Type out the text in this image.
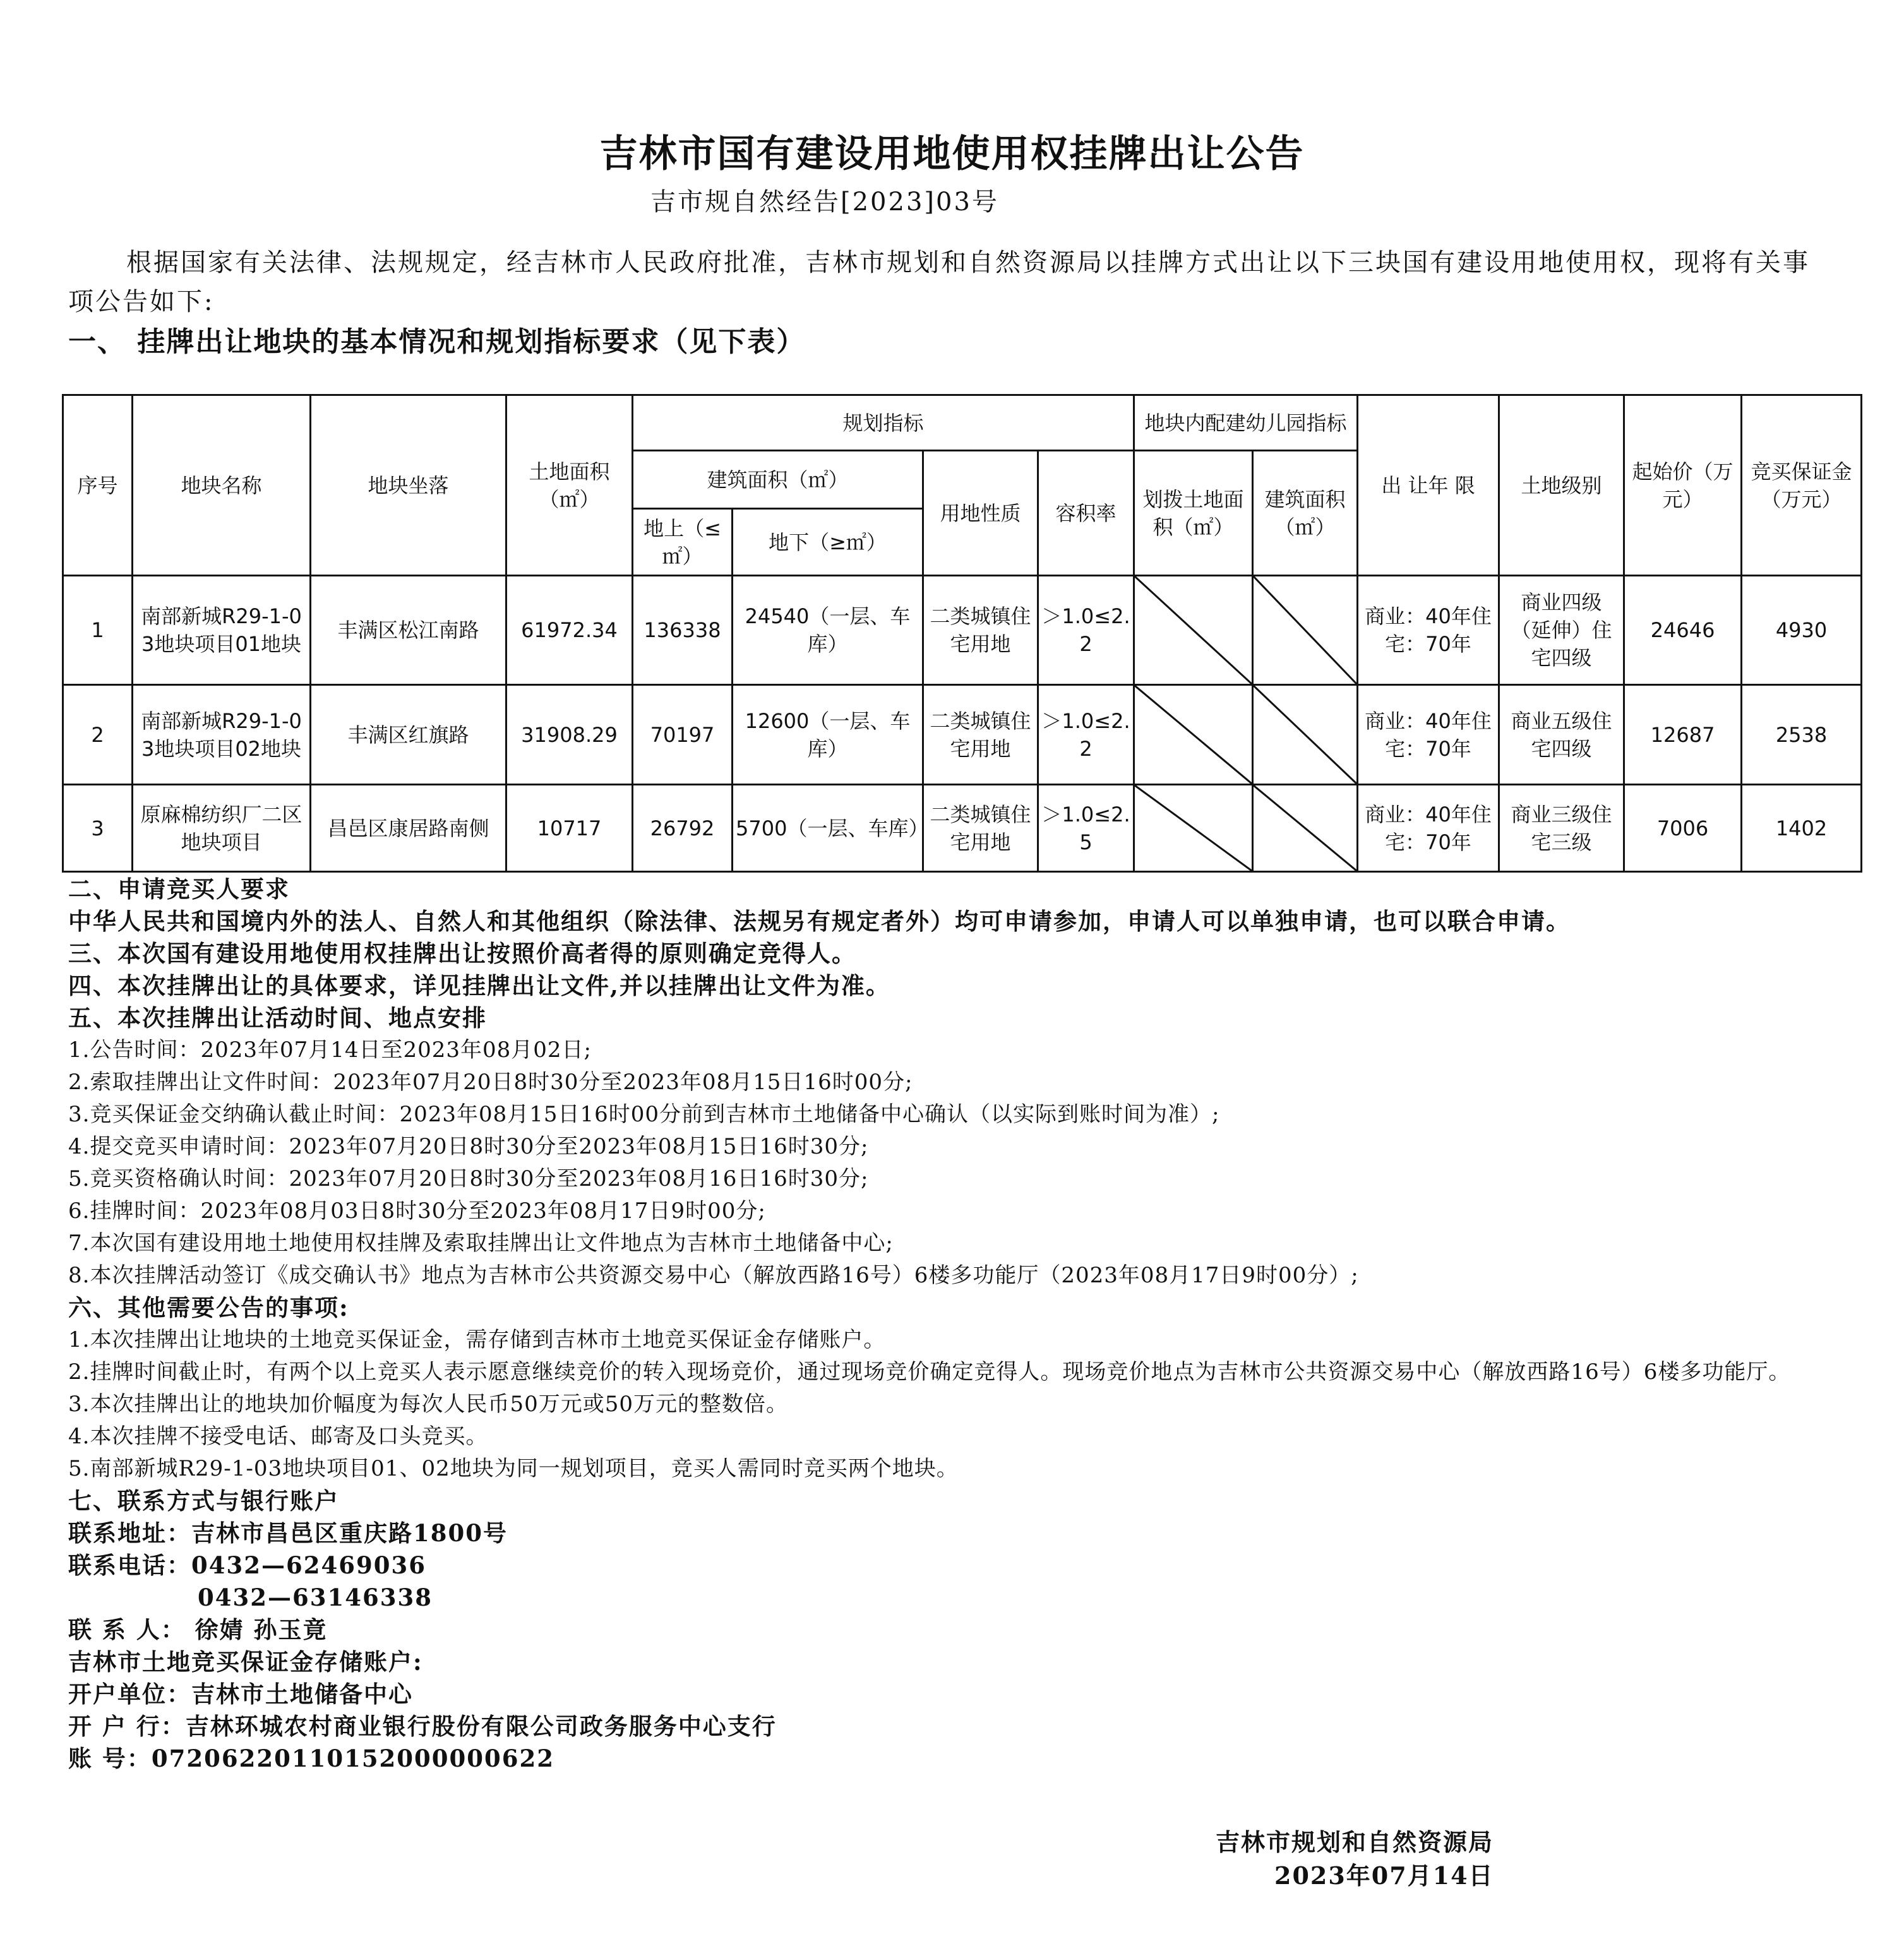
吉林市国有建设用地使用权挂牌出让公告
吉市规自然经告[2023]03号
根据国家有关法律、法规规定，经吉林市人民政府批准，吉林市规划和自然资源局以挂牌方式出让以下三块国有建设用地使用权，现将有关事项公告如下:
一、 挂牌出让地块的基本情况和规划指标要求（见下表）
序号	地块名称	地块坐落	土地面积（㎡）	规划指标				地块内配建幼儿园指标		出 让年 限	土地级别	起始价（万元）	竞买保证金（万元）
				建筑面积（㎡）		用地性质	容积率	划拨土地面积（㎡）	建筑面积（㎡）				
				地上（≤㎡）	地下（≥㎡）								
1	南部新城R29-1-03地块项目01地块	丰满区松江南路	61972.34	136338	24540（一层、车库）	二类城镇住宅用地	＞1.0≤2.2			商业：40年住宅：70年	商业四级（延伸）住宅四级	24646	4930
2	南部新城R29-1-03地块项目02地块	丰满区红旗路	31908.29	70197	12600（一层、车库）	二类城镇住宅用地	＞1.0≤2.2			商业：40年住宅：70年	商业五级住宅四级	12687	2538
3	原麻棉纺织厂二区地块项目	昌邑区康居路南侧	10717	26792	5700（一层、车库）	二类城镇住宅用地	＞1.0≤2.5			商业：40年住宅：70年	商业三级住宅三级	7006	1402
二、申请竞买人要求
中华人民共和国境内外的法人、自然人和其他组织（除法律、法规另有规定者外）均可申请参加，申请人可以单独申请，也可以联合申请。
三、本次国有建设用地使用权挂牌出让按照价高者得的原则确定竞得人。
四、本次挂牌出让的具体要求，详见挂牌出让文件,并以挂牌出让文件为准。
五、本次挂牌出让活动时间、地点安排
1.公告时间：2023年07月14日至2023年08月02日;
2.索取挂牌出让文件时间：2023年07月20日8时30分至2023年08月15日16时00分;
3.竞买保证金交纳确认截止时间：2023年08月15日16时00分前到吉林市土地储备中心确认（以实际到账时间为准）;
4.提交竞买申请时间：2023年07月20日8时30分至2023年08月15日16时30分;
5.竞买资格确认时间：2023年07月20日8时30分至2023年08月16日16时30分;
6.挂牌时间：2023年08月03日8时30分至2023年08月17日9时00分;
7.本次国有建设用地土地使用权挂牌及索取挂牌出让文件地点为吉林市土地储备中心;
8.本次挂牌活动签订《成交确认书》地点为吉林市公共资源交易中心（解放西路16号）6楼多功能厅（2023年08月17日9时00分）;
六、其他需要公告的事项:
1.本次挂牌出让地块的土地竞买保证金，需存储到吉林市土地竞买保证金存储账户。
2.挂牌时间截止时，有两个以上竞买人表示愿意继续竞价的转入现场竞价，通过现场竞价确定竞得人。现场竞价地点为吉林市公共资源交易中心（解放西路16号）6楼多功能厅。
3.本次挂牌出让的地块加价幅度为每次人民币50万元或50万元的整数倍。
4.本次挂牌不接受电话、邮寄及口头竞买。
5.南部新城R29-1-03地块项目01、02地块为同一规划项目，竞买人需同时竞买两个地块。
七、联系方式与银行账户
联系地址：吉林市昌邑区重庆路1800号
联系电话：0432—62469036
0432—63146338
联 系 人： 徐婧 孙玉竟
吉林市土地竞买保证金存储账户:
开户单位：吉林市土地储备中心
开 户 行：吉林环城农村商业银行股份有限公司政务服务中心支行
账 号：07206220110152000000622
吉林市规划和自然资源局
2023年07月14日
